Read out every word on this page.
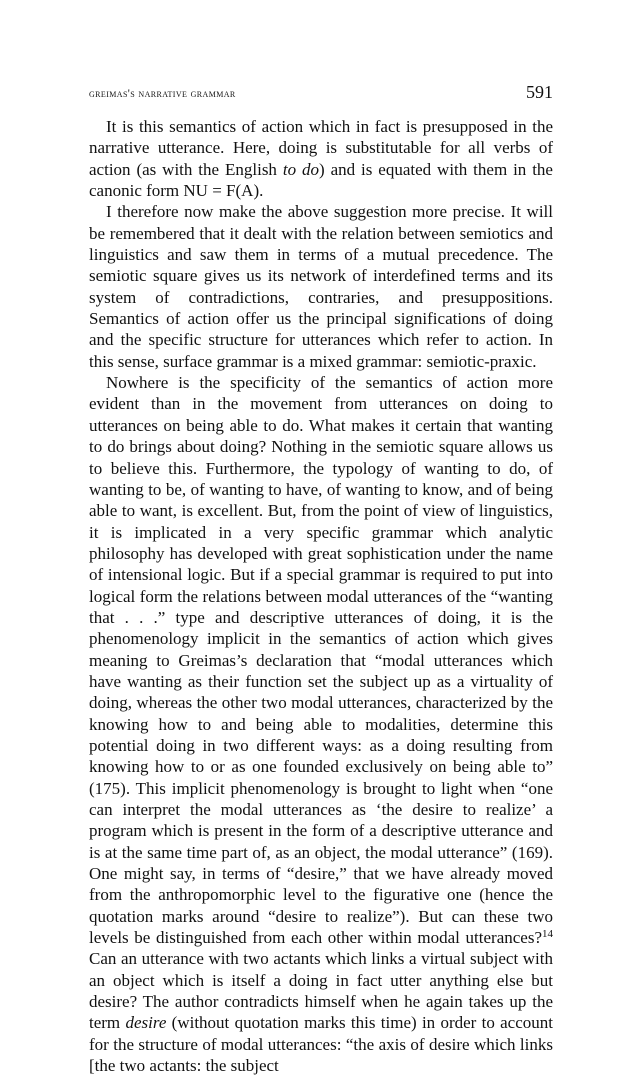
greimas's narrative grammar	591

It is this semantics of action which in fact is presupposed in the narrative utterance. Here, doing is substitutable for all verbs of action (as with the English to do) and is equated with them in the canonic form NU = F(A).

I therefore now make the above suggestion more precise. It will be remembered that it dealt with the relation between semiotics and linguistics and saw them in terms of a mutual precedence. The semiotic square gives us its network of interdefined terms and its system of contradictions, contraries, and presuppositions. Semantics of action offer us the principal significations of doing and the specific structure for utterances which refer to action. In this sense, surface grammar is a mixed grammar: semiotic-praxic.

Nowhere is the specificity of the semantics of action more evident than in the movement from utterances on doing to utterances on being able to do. What makes it certain that wanting to do brings about doing? Nothing in the semiotic square allows us to believe this. Furthermore, the typology of wanting to do, of wanting to be, of wanting to have, of wanting to know, and of being able to want, is excellent. But, from the point of view of linguistics, it is implicated in a very specific grammar which analytic philosophy has developed with great sophistication under the name of intensional logic. But if a special grammar is required to put into logical form the relations between modal utterances of the “wanting that . . .” type and descriptive utterances of doing, it is the phenomenology implicit in the semantics of action which gives meaning to Greimas’s declaration that “modal utterances which have wanting as their function set the subject up as a virtuality of doing, whereas the other two modal utterances, characterized by the knowing how to and being able to modalities, determine this potential doing in two different ways: as a doing resulting from knowing how to or as one founded exclusively on being able to” (175). This implicit phenomenology is brought to light when “one can interpret the modal utterances as ‘the desire to realize’ a program which is present in the form of a descriptive utterance and is at the same time part of, as an object, the modal utterance” (169). One might say, in terms of “desire,” that we have already moved from the anthropomorphic level to the figurative one (hence the quotation marks around “desire to realize”). But can these two levels be distinguished from each other within modal utterances?$^{14}$ Can an utterance with two actants which links a virtual subject with an object which is itself a doing in fact utter anything else but desire? The author contradicts himself when he again takes up the term desire (without quotation marks this time) in order to account for the structure of modal utterances: “the axis of desire which links [the two actants: the subject
